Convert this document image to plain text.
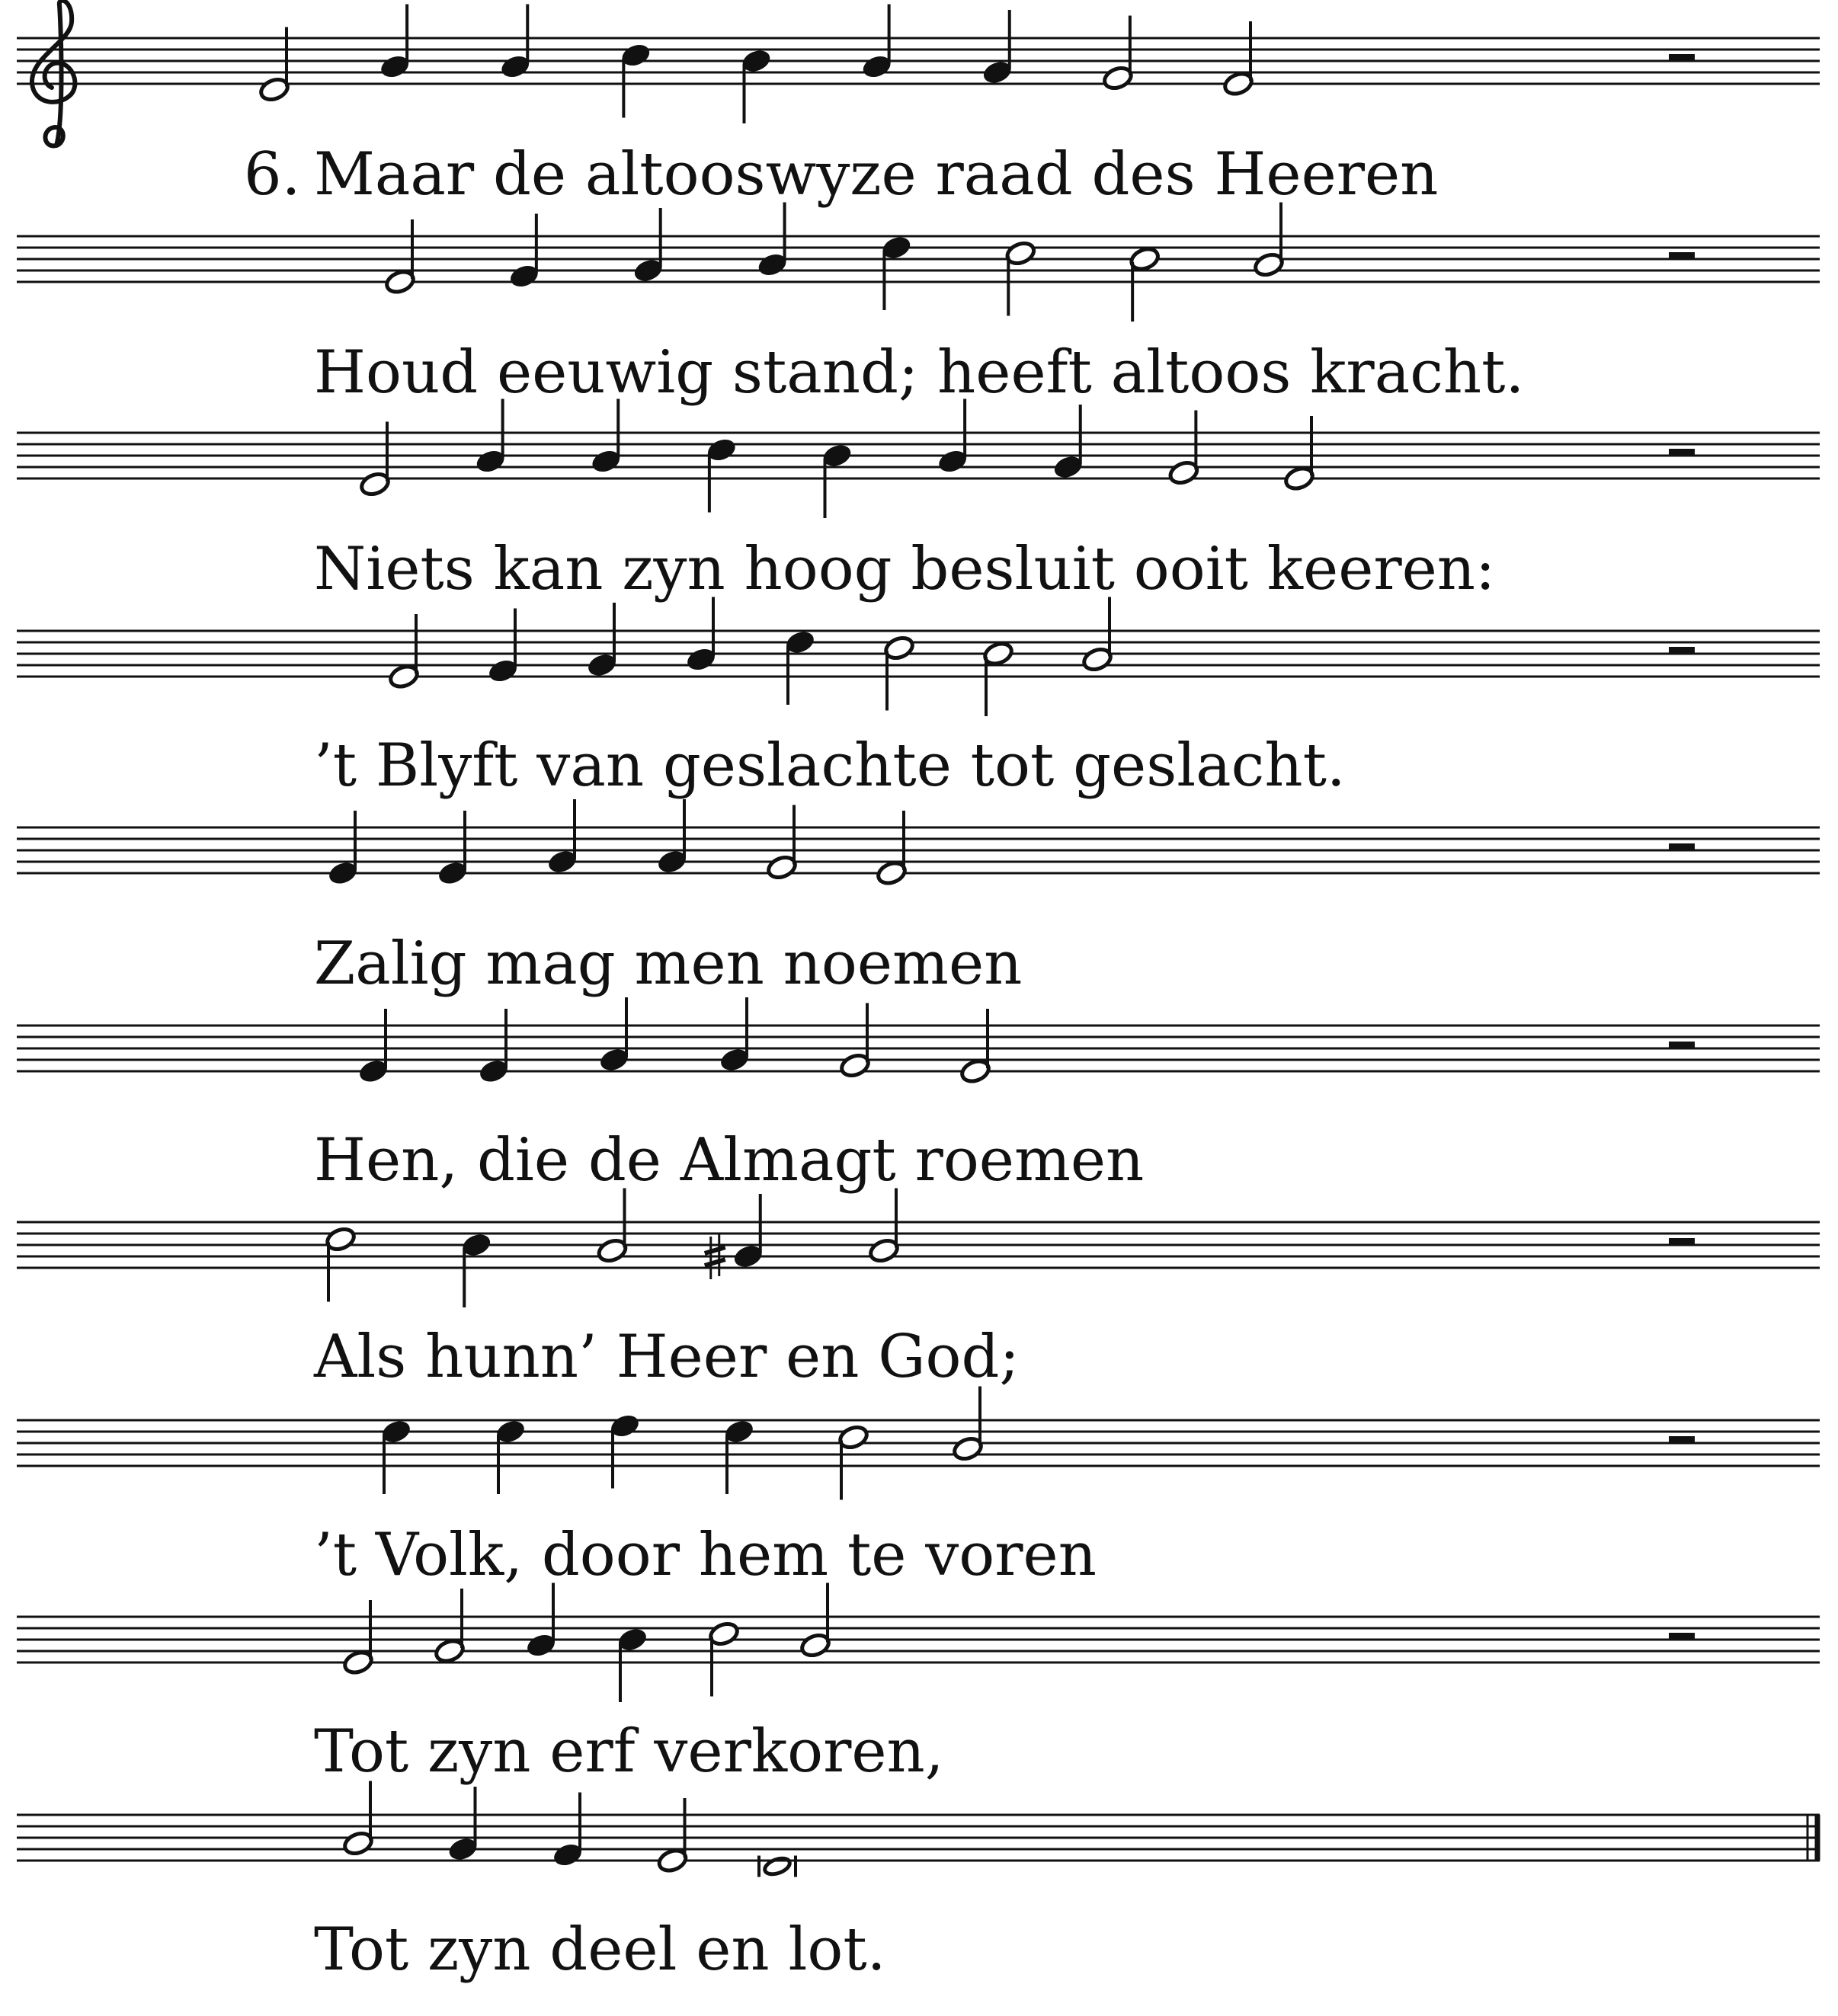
6. Maar de altooswyze raad des Heeren
Houd eeuwig stand; heeft altoos kracht.
Niets kan zyn hoog besluit ooit keeren:
’t Blyft van geslachte tot geslacht.
Zalig mag men noemen
Hen, die de Almagt roemen
Als hunn’ Heer en God;
’t Volk, door hem te voren
Tot zyn erf verkoren,
Tot zyn deel en lot.
